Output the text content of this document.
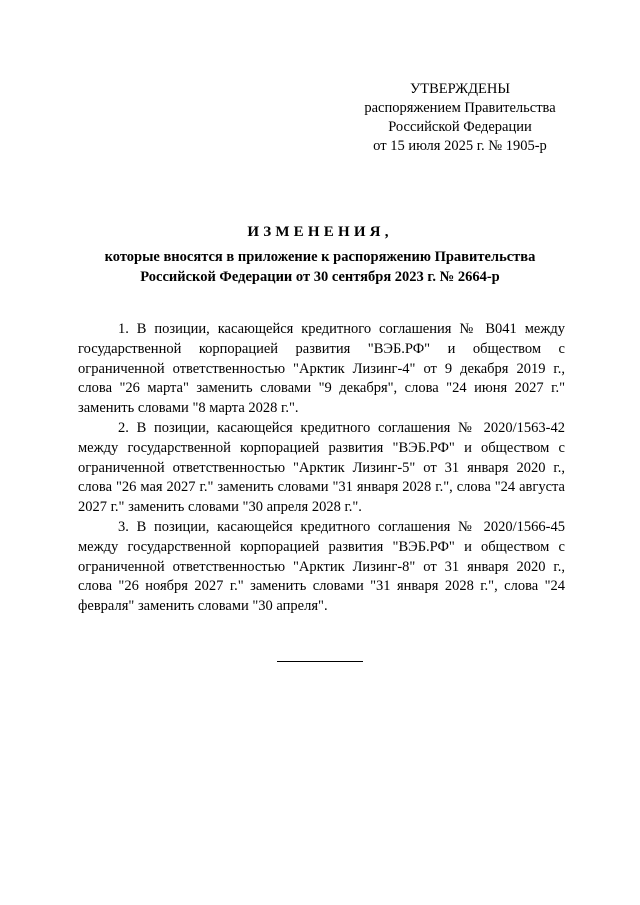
УТВЕРЖДЕНЫ
распоряжением Правительства
Российской Федерации
от 15 июля 2025 г. № 1905-р
ИЗМЕНЕНИЯ,
которые вносятся в приложение к распоряжению Правительства
Российской Федерации от 30 сентября 2023 г. № 2664-р

1. В позиции, касающейся кредитного соглашения № В041 между государственной корпорацией развития "ВЭБ.РФ" и обществом с ограниченной ответственностью "Арктик Лизинг-4" от 9 декабря 2019 г., слова "26 марта" заменить словами "9 декабря", слова "24 июня 2027 г." заменить словами "8 марта 2028 г.".

2. В позиции, касающейся кредитного соглашения № 2020/1563-42 между государственной корпорацией развития "ВЭБ.РФ" и обществом с ограниченной ответственностью "Арктик Лизинг-5" от 31 января 2020 г., слова "26 мая 2027 г." заменить словами "31 января 2028 г.", слова "24 августа 2027 г." заменить словами "30 апреля 2028 г.".

3. В позиции, касающейся кредитного соглашения № 2020/1566-45 между государственной корпорацией развития "ВЭБ.РФ" и обществом с ограниченной ответственностью "Арктик Лизинг-8" от 31 января 2020 г., слова "26 ноября 2027 г." заменить словами "31 января 2028 г.", слова "24 февраля" заменить словами "30 апреля".
